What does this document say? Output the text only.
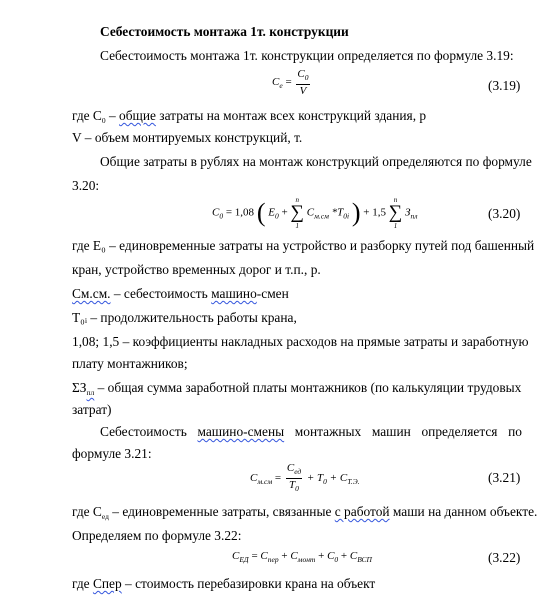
Себестоимость монтажа 1т. конструкции
Себестоимость монтажа 1т. конструкции определяется по формуле 3.19:
$С_е = \frac{С_0}{V}$	(3.19)
где $С_0$ – общие затраты на монтаж всех конструкций здания, р
V – объем монтируемых конструкций, т.
Общие затраты в рублях на монтаж конструкций определяются по формуле
3.20:
$С_0 = 1,08$ ( $Е_0$ +
n
∑
1
$С_{м.см}$ $*Т_{0i}$ ) + 1,5
n
∑
1
$З_{пл}$	(3.20)
где Е₀ – единовременные затраты на устройство и разборку путей под башенный
кран, устройство временных дорог и т.п., р.
См.см. – себестоимость машино-смен
Т₀ᵢ – продолжительность работы крана,
1,08; 1,5 – коэффициенты накладных расходов на прямые затраты и заработную
плату монтажников;
$\Sigma З_{пл}$ – общая сумма заработной платы монтажников (по калькуляции трудовых
затрат)
Себестоимость машино-смены монтажных машин определяется по
формуле 3.21:
$С_{м.см} = \frac{С_{ед}}{Т_0} + Т_0 + С_{Т.Э.}$	(3.21)
где $С_{ед}$ – единовременные затраты, связанные с работой маши на данном объекте.
Определяем по формуле 3.22:
$С_{ЕД} = С_{пер} + С_{монт} + С_0 + С_{ВСП}$	(3.22)
где Спер – стоимость перебазировки крана на объект
